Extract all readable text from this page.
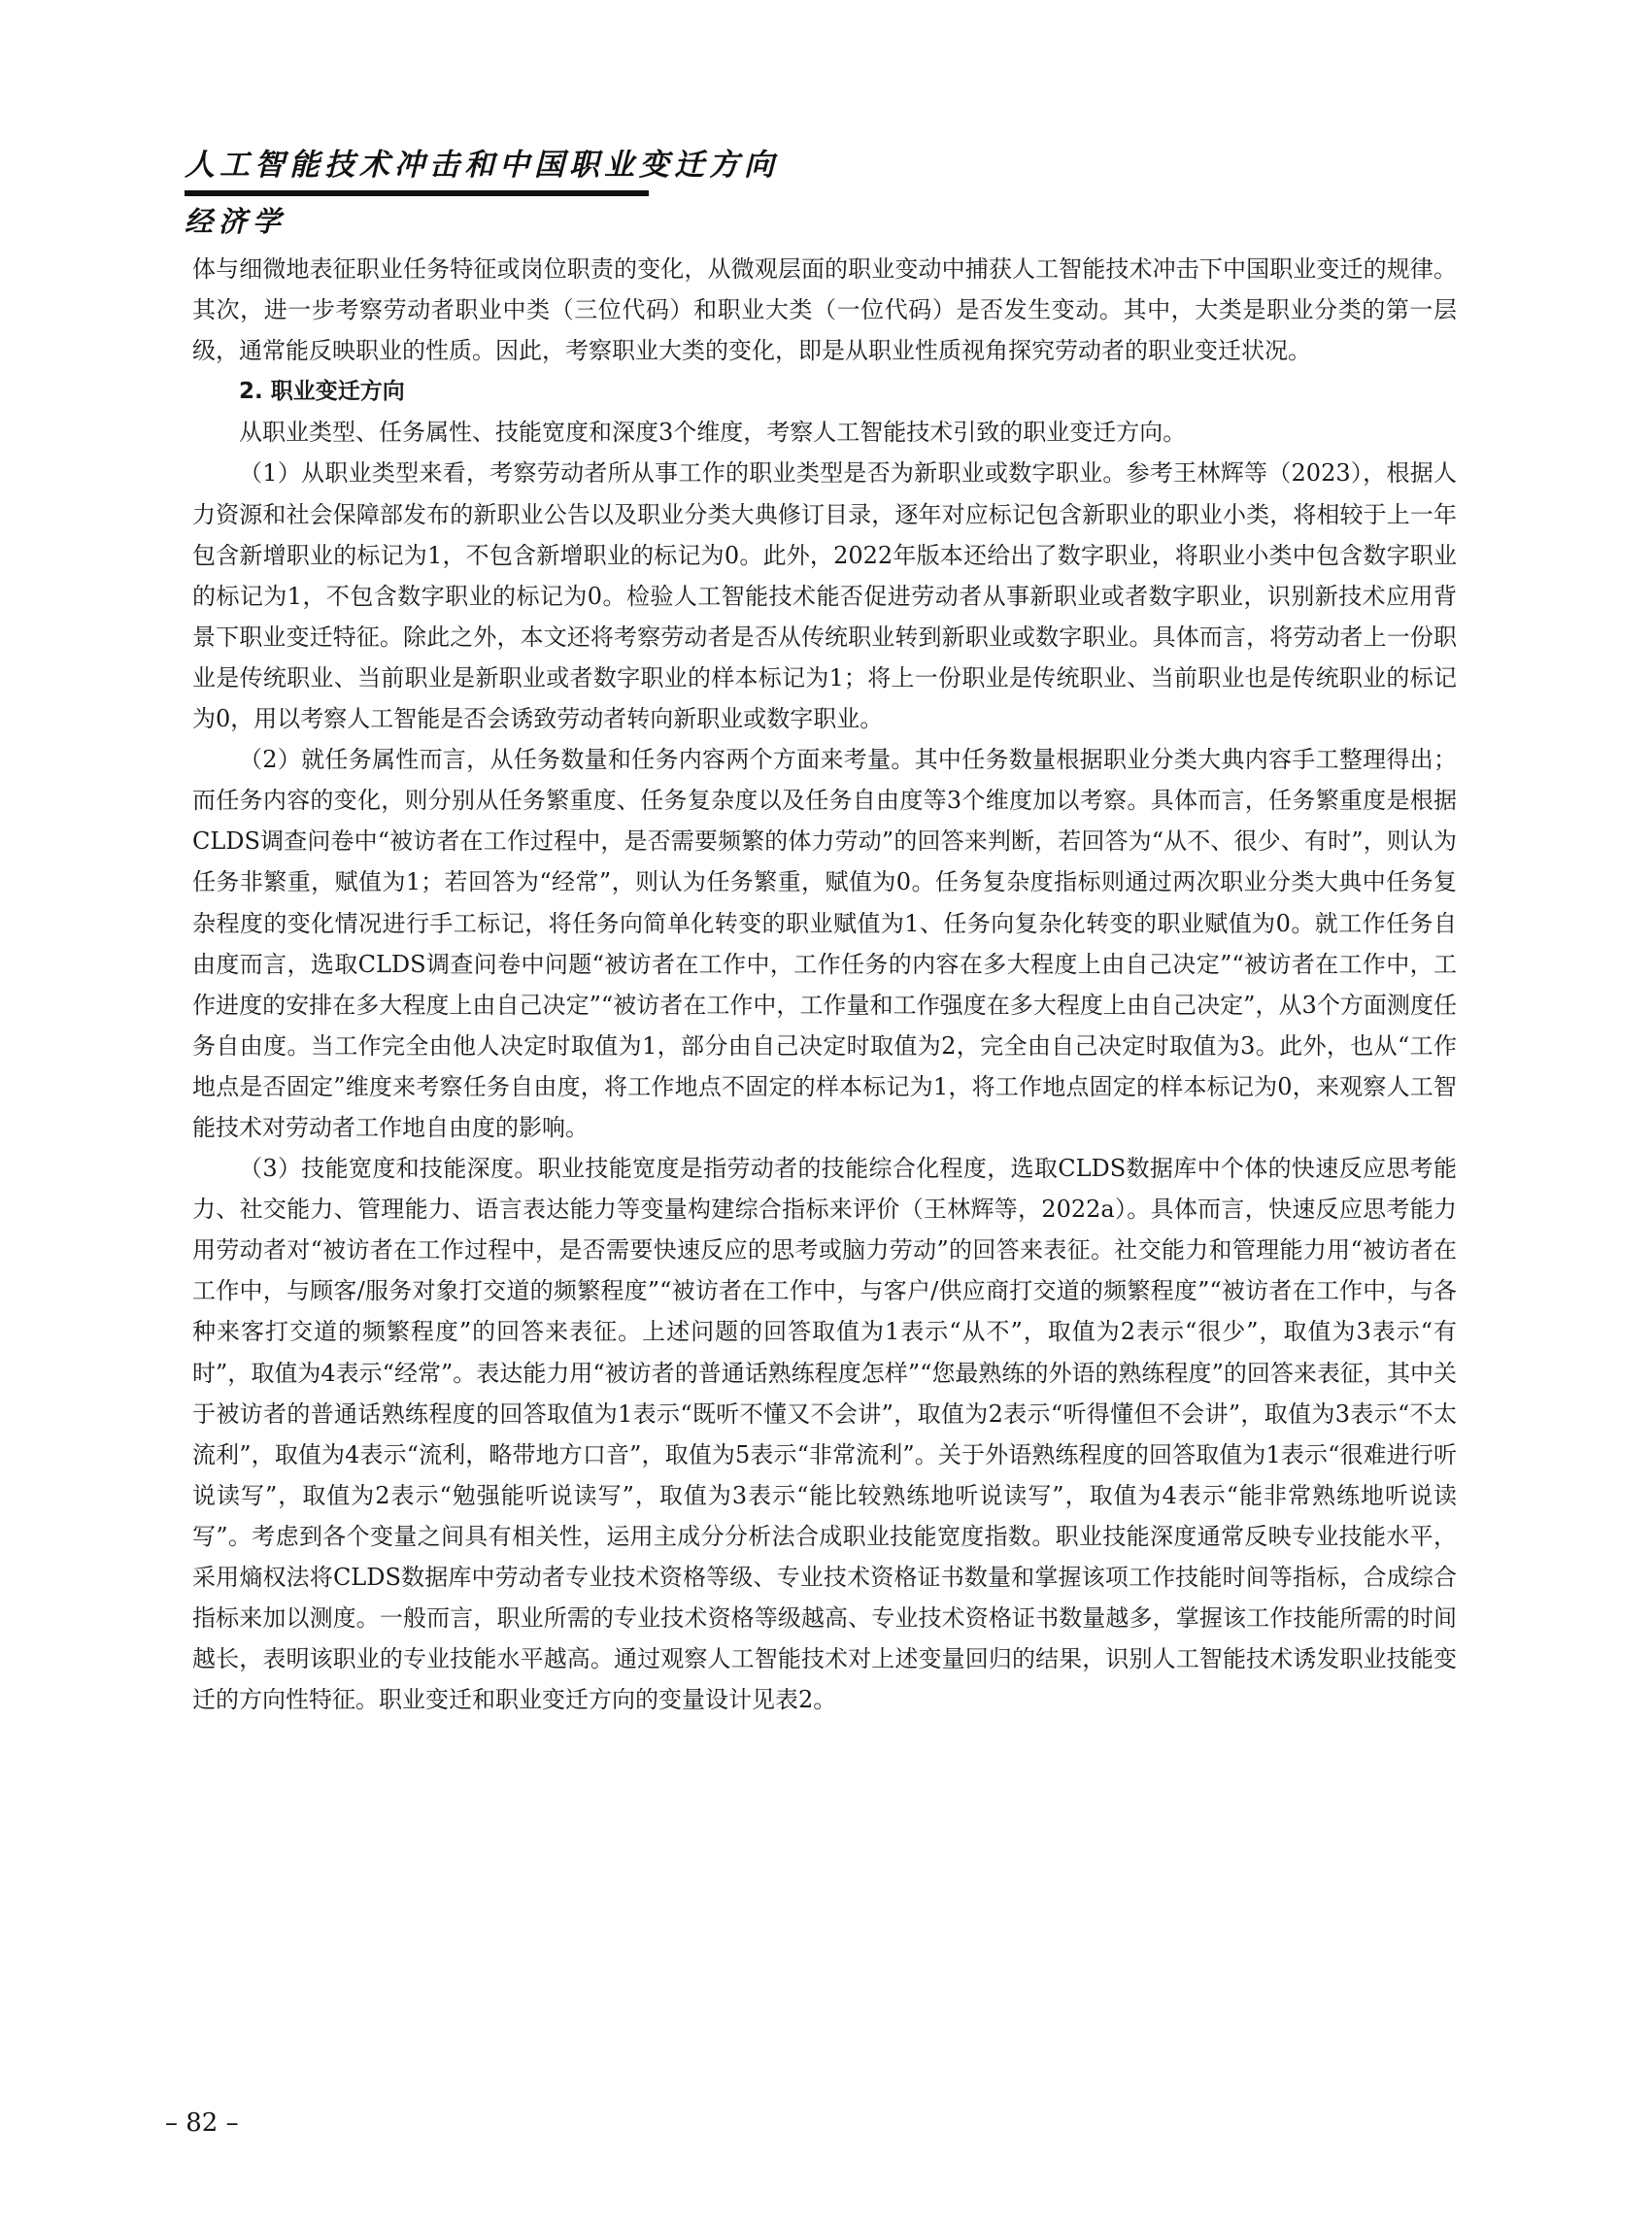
人工智能技术冲击和中国职业变迁方向
经济学

体与细微地表征职业任务特征或岗位职责的变化，从微观层面的职业变动中捕获人工智能技术冲击下中国职业变迁的规律。其次，进一步考察劳动者职业中类（三位代码）和职业大类（一位代码）是否发生变动。其中，大类是职业分类的第一层级，通常能反映职业的性质。因此，考察职业大类的变化，即是从职业性质视角探究劳动者的职业变迁状况。

2. 职业变迁方向

从职业类型、任务属性、技能宽度和深度3个维度，考察人工智能技术引致的职业变迁方向。

（1）从职业类型来看，考察劳动者所从事工作的职业类型是否为新职业或数字职业。参考王林辉等（2023），根据人力资源和社会保障部发布的新职业公告以及职业分类大典修订目录，逐年对应标记包含新职业的职业小类，将相较于上一年包含新增职业的标记为1，不包含新增职业的标记为0。此外，2022年版本还给出了数字职业，将职业小类中包含数字职业的标记为1，不包含数字职业的标记为0。检验人工智能技术能否促进劳动者从事新职业或者数字职业，识别新技术应用背景下职业变迁特征。除此之外，本文还将考察劳动者是否从传统职业转到新职业或数字职业。具体而言，将劳动者上一份职业是传统职业、当前职业是新职业或者数字职业的样本标记为1；将上一份职业是传统职业、当前职业也是传统职业的标记为0，用以考察人工智能是否会诱致劳动者转向新职业或数字职业。

（2）就任务属性而言，从任务数量和任务内容两个方面来考量。其中任务数量根据职业分类大典内容手工整理得出；而任务内容的变化，则分别从任务繁重度、任务复杂度以及任务自由度等3个维度加以考察。具体而言，任务繁重度是根据CLDS调查问卷中“被访者在工作过程中，是否需要频繁的体力劳动”的回答来判断，若回答为“从不、很少、有时”，则认为任务非繁重，赋值为1；若回答为“经常”，则认为任务繁重，赋值为0。任务复杂度指标则通过两次职业分类大典中任务复杂程度的变化情况进行手工标记，将任务向简单化转变的职业赋值为1、任务向复杂化转变的职业赋值为0。就工作任务自由度而言，选取CLDS调查问卷中问题“被访者在工作中，工作任务的内容在多大程度上由自己决定”“被访者在工作中，工作进度的安排在多大程度上由自己决定”“被访者在工作中，工作量和工作强度在多大程度上由自己决定”，从3个方面测度任务自由度。当工作完全由他人决定时取值为1，部分由自己决定时取值为2，完全由自己决定时取值为3。此外，也从“工作地点是否固定”维度来考察任务自由度，将工作地点不固定的样本标记为1，将工作地点固定的样本标记为0，来观察人工智能技术对劳动者工作地自由度的影响。

（3）技能宽度和技能深度。职业技能宽度是指劳动者的技能综合化程度，选取CLDS数据库中个体的快速反应思考能力、社交能力、管理能力、语言表达能力等变量构建综合指标来评价（王林辉等，2022a）。具体而言，快速反应思考能力用劳动者对“被访者在工作过程中，是否需要快速反应的思考或脑力劳动”的回答来表征。社交能力和管理能力用“被访者在工作中，与顾客/服务对象打交道的频繁程度”“被访者在工作中，与客户/供应商打交道的频繁程度”“被访者在工作中，与各种来客打交道的频繁程度”的回答来表征。上述问题的回答取值为1表示“从不”，取值为2表示“很少”，取值为3表示“有时”，取值为4表示“经常”。表达能力用“被访者的普通话熟练程度怎样”“您最熟练的外语的熟练程度”的回答来表征，其中关于被访者的普通话熟练程度的回答取值为1表示“既听不懂又不会讲”，取值为2表示“听得懂但不会讲”，取值为3表示“不太流利”，取值为4表示“流利，略带地方口音”，取值为5表示“非常流利”。关于外语熟练程度的回答取值为1表示“很难进行听说读写”，取值为2表示“勉强能听说读写”，取值为3表示“能比较熟练地听说读写”，取值为4表示“能非常熟练地听说读写”。考虑到各个变量之间具有相关性，运用主成分分析法合成职业技能宽度指数。职业技能深度通常反映专业技能水平，采用熵权法将CLDS数据库中劳动者专业技术资格等级、专业技术资格证书数量和掌握该项工作技能时间等指标，合成综合指标来加以测度。一般而言，职业所需的专业技术资格等级越高、专业技术资格证书数量越多，掌握该工作技能所需的时间越长，表明该职业的专业技能水平越高。通过观察人工智能技术对上述变量回归的结果，识别人工智能技术诱发职业技能变迁的方向性特征。职业变迁和职业变迁方向的变量设计见表2。

– 82 –
